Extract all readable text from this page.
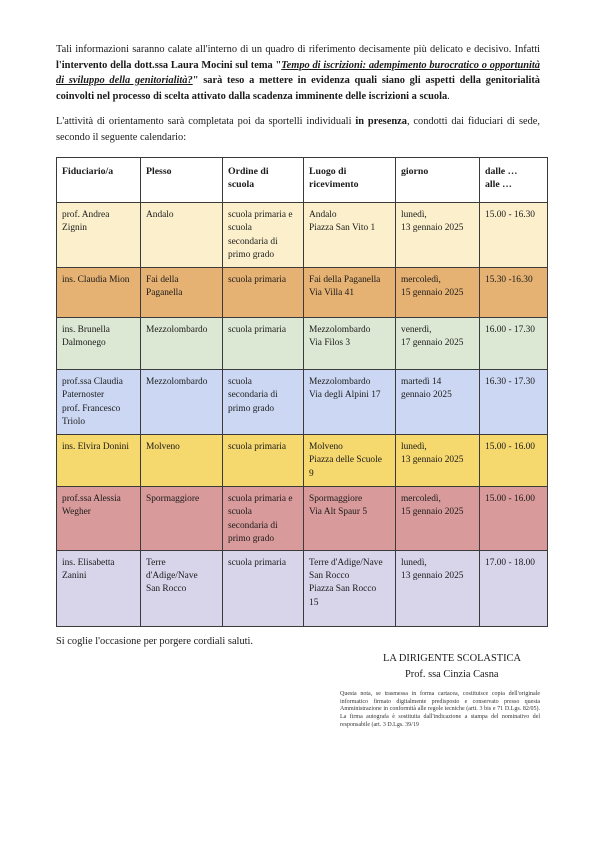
Tali informazioni saranno calate all'interno di un quadro di riferimento decisamente più delicato e decisivo. Infatti l'intervento della dott.ssa Laura Mocini sul tema "Tempo di iscrizioni: adempimento burocratico o opportunità di sviluppo della genitorialità?" sarà teso a mettere in evidenza quali siano gli aspetti della genitorialità coinvolti nel processo di scelta attivato dalla scadenza imminente delle iscrizioni a scuola.

L'attività di orientamento sarà completata poi da sportelli individuali in presenza, condotti dai fiduciari di sede, secondo il seguente calendario:

Fiduciario/a	Plesso	Ordine di
scuola	Luogo di
ricevimento	giorno	dalle …
alle …
prof. Andrea
Zignin	Andalo	scuola primaria e scuola
secondaria di primo grado	Andalo
Piazza San Vito 1	lunedì,
13 gennaio 2025	15.00 - 16.30
ins. Claudia Mion	Fai della
Paganella	scuola primaria	Fai della Paganella
Via Villa 41	mercoledì,
15 gennaio 2025	15.30 -16.30
ins. Brunella
Dalmonego	Mezzolombardo	scuola primaria	Mezzolombardo
Via Filos 3	venerdì,
17 gennaio 2025	16.00 - 17.30
prof.ssa Claudia
Paternoster
prof. Francesco
Triolo	Mezzolombardo	scuola
secondaria di
primo grado	Mezzolombardo
Via degli Alpini 17	martedì 14
gennaio 2025	16.30 - 17.30
ins. Elvira Donini	Molveno	scuola primaria	Molveno
Piazza delle Scuole
9	lunedì,
13 gennaio 2025	15.00 - 16.00
prof.ssa Alessia
Wegher	Spormaggiore	scuola primaria e scuola
secondaria di primo grado	Spormaggiore
Via Alt Spaur 5	mercoledì,
15 gennaio 2025	15.00 - 16.00
ins. Elisabetta
Zanini	Terre
d'Adige/Nave
San Rocco	scuola primaria	Terre d'Adige/Nave
San Rocco
Piazza San Rocco
15	lunedì,
13 gennaio 2025	17.00 - 18.00
Si coglie l'occasione per porgere cordiali saluti.
LA DIRIGENTE SCOLASTICA
Prof. ssa Cinzia Casna

Questa nota, se trasmessa in forma cartacea, costituisce copia dell'originale informatico firmato digitalmente predisposto e conservato presso questa Amministrazione in conformità alle regole tecniche (artt. 3 bis e 71 D.Lgs. 82/05). La firma autografa è sostituita dall'indicazione a stampa del nominativo del responsabile (art. 3 D.Lgs. 39/19
